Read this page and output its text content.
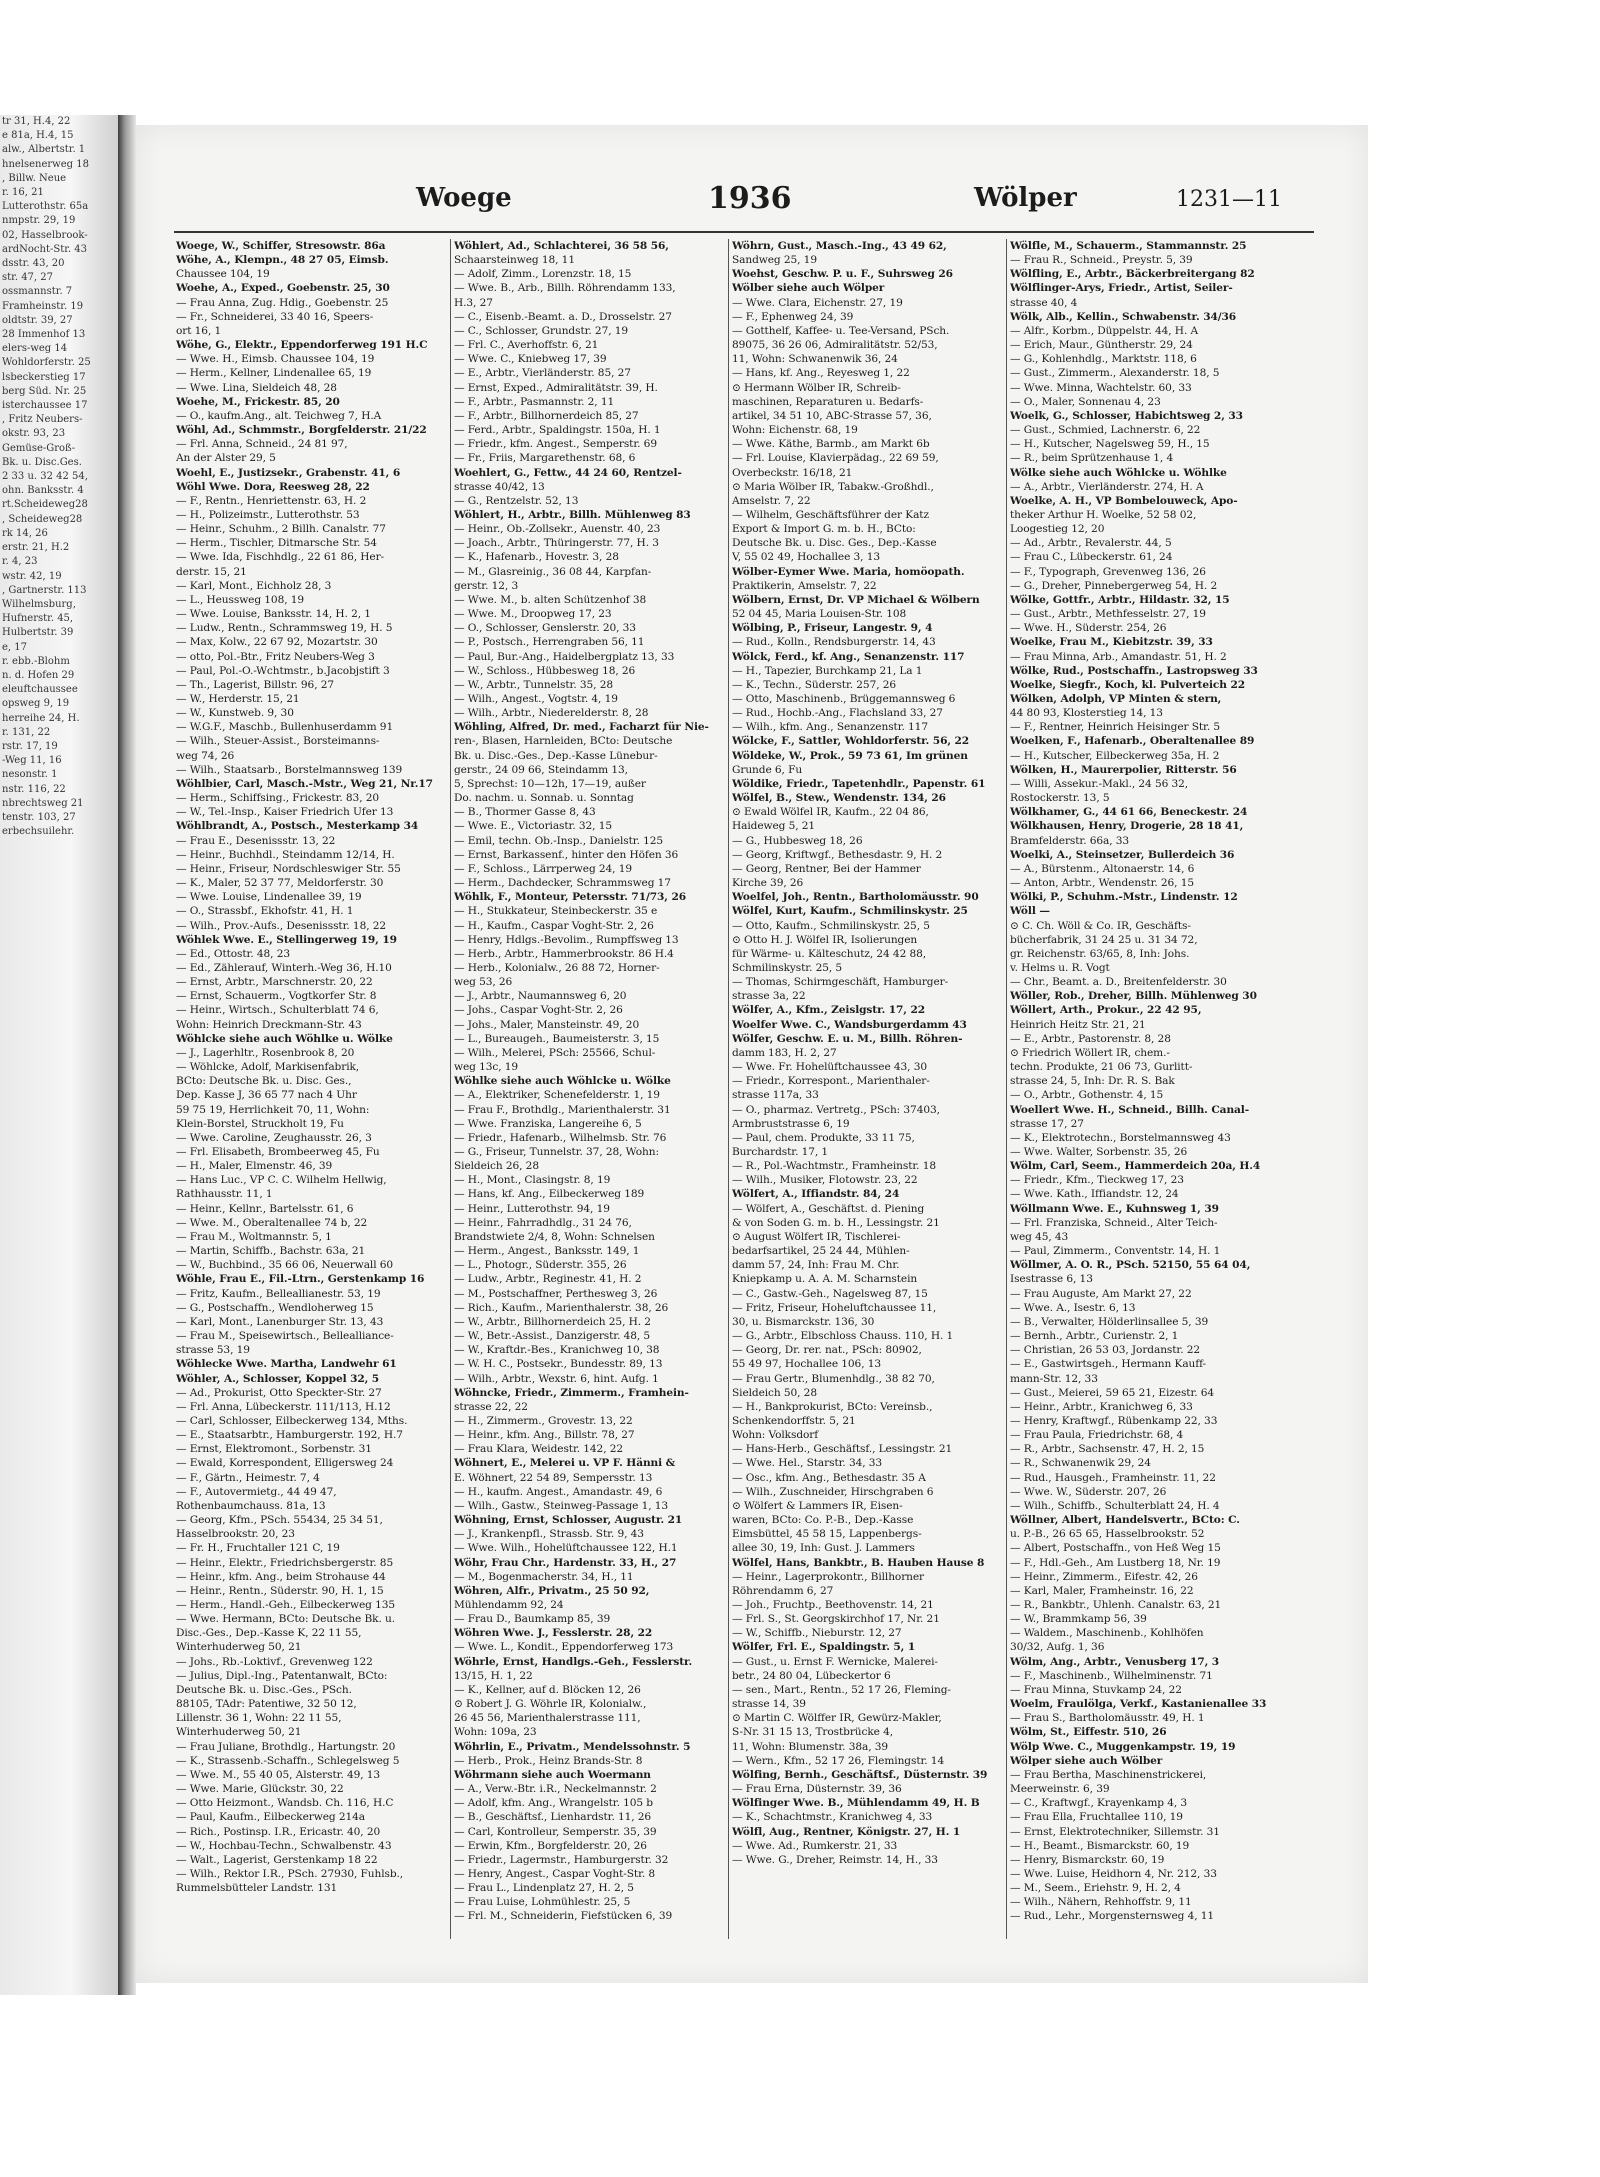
tr 31, H.4, 22
e 81a, H.4, 15
alw., Albertstr. 1
hnelsenerweg 18
, Billw. Neue
r. 16, 21
Lutterothstr. 65a
nmpstr. 29, 19
02, Hasselbrook-
ardNocht-Str. 43
dsstr. 43, 20
str. 47, 27
ossmannstr. 7
Framheinstr. 19
oldtstr. 39, 27
28 Immenhof 13
elers-weg 14
Wohldorferstr. 25
lsbeckerstieg 17
berg Süd. Nr. 25
isterchaussee 17
, Fritz Neubers-
okstr. 93, 23
Gemüse-Groß-
Bk. u. Disc.Ges.
2 33 u. 32 42 54,
ohn. Banksstr. 4
rt.Scheideweg28
, Scheideweg28
rk 14, 26
erstr. 21, H.2
r. 4, 23
wstr. 42, 19
, Gartnerstr. 113
Wilhelmsburg,
Hufnerstr. 45,
Hulbertstr. 39
e, 17
r. ebb.-Blohm
n. d. Hofen 29
eleuftchaussee
opsweg 9, 19
herreihe 24, H.
r. 131, 22
rstr. 17, 19
-Weg 11, 16
nesonstr. 1
nstr. 116, 22
nbrechtsweg 21
tenstr. 103, 27
erbechsuilehr.
Woege	1936	Wölper	1231—11
Woege, W., Schiffer, Stresowstr. 86a
Wöhe, A., Klempn., 48 27 05, Eimsb.
Chaussee 104, 19
Woehe, A., Exped., Goebenstr. 25, 30
— Frau Anna, Zug. Hdig., Goebenstr. 25
— Fr., Schneiderei, 33 40 16, Speers-
ort 16, 1
Wöhe, G., Elektr., Eppendorferweg 191 H.C
— Wwe. H., Eimsb. Chaussee 104, 19
— Herm., Kellner, Lindenallee 65, 19
— Wwe. Lina, Sieldeich 48, 28
Woehe, M., Frickestr. 85, 20
— O., kaufm.Ang., alt. Teichweg 7, H.A
Wöhl, Ad., Schmmstr., Borgfelderstr. 21/22
— Frl. Anna, Schneid., 24 81 97,
An der Alster 29, 5
Woehl, E., Justizsekr., Grabenstr. 41, 6
Wöhl Wwe. Dora, Reesweg 28, 22
— F., Rentn., Henriettenstr. 63, H. 2
— H., Polizeimstr., Lutterothstr. 53
— Heinr., Schuhm., 2 Billh. Canalstr. 77
— Herm., Tischler, Ditmarsche Str. 54
— Wwe. Ida, Fischhdlg., 22 61 86, Her-
derstr. 15, 21
— Karl, Mont., Eichholz 28, 3
— L., Heussweg 108, 19
— Wwe. Louise, Banksstr. 14, H. 2, 1
— Ludw., Rentn., Schrammsweg 19, H. 5
— Max, Kolw., 22 67 92, Mozartstr. 30
— otto, Pol.-Btr., Fritz Neubers-Weg 3
— Paul, Pol.-O.-Wchtmstr., b.Jacobjstift 3
— Th., Lagerist, Billstr. 96, 27
— W., Herderstr. 15, 21
— W., Kunstweb. 9, 30
— W.G.F., Maschb., Bullenhuserdamm 91
— Wilh., Steuer-Assist., Borsteimanns-
weg 74, 26
— Wilh., Staatsarb., Borstelmannsweg 139
Wöhlbier, Carl, Masch.-Mstr., Weg 21, Nr.17
— Herm., Schiffsing., Frickestr. 83, 20
— W., Tel.-Insp., Kaiser Friedrich Ufer 13
Wöhlbrandt, A., Postsch., Mesterkamp 34
— Frau E., Desenissstr. 13, 22
— Heinr., Buchhdl., Steindamm 12/14, H.
— Heinr., Friseur, Nordschleswiger Str. 55
— K., Maler, 52 37 77, Meldorferstr. 30
— Wwe. Louise, Lindenallee 39, 19
— O., Strassbf., Ekhofstr. 41, H. 1
— Wilh., Prov.-Aufs., Desenissstr. 18, 22
Wöhlek Wwe. E., Stellingerweg 19, 19
— Ed., Ottostr. 48, 23
— Ed., Zählerauf, Winterh.-Weg 36, H.10
— Ernst, Arbtr., Marschnerstr. 20, 22
— Ernst, Schauerm., Vogtkorfer Str. 8
— Heinr., Wirtsch., Schulterblatt 74 6,
Wohn: Heinrich Dreckmann-Str. 43
Wöhlcke siehe auch Wöhlke u. Wölke
— J., Lagerhltr., Rosenbrook 8, 20
— Wöhlcke, Adolf, Markisenfabrik,
BCto: Deutsche Bk. u. Disc. Ges.,
Dep. Kasse J, 36 65 77 nach 4 Uhr
59 75 19, Herrlichkeit 70, 11, Wohn:
Klein-Borstel, Struckholt 19, Fu
— Wwe. Caroline, Zeughausstr. 26, 3
— Frl. Elisabeth, Brombeerweg 45, Fu
— H., Maler, Elmenstr. 46, 39
— Hans Luc., VP C. C. Wilhelm Hellwig,
Rathhausstr. 11, 1
— Heinr., Kellnr., Bartelsstr. 61, 6
— Wwe. M., Oberaltenallee 74 b, 22
— Frau M., Woltmannstr. 5, 1
— Martin, Schiffb., Bachstr. 63a, 21
— W., Buchbind., 35 66 06, Neuerwall 60
Wöhle, Frau E., Fil.-Ltrn., Gerstenkamp 16
— Fritz, Kaufm., Belleallianestr. 53, 19
— G., Postschaffn., Wendloherweg 15
— Karl, Mont., Lanenburger Str. 13, 43
— Frau M., Speisewirtsch., Bellealliance-
strasse 53, 19
Wöhlecke Wwe. Martha, Landwehr 61
Wöhler, A., Schlosser, Koppel 32, 5
— Ad., Prokurist, Otto Speckter-Str. 27
— Frl. Anna, Lübeckerstr. 111/113, H.12
— Carl, Schlosser, Eilbeckerweg 134, Mths.
— E., Staatsarbtr., Hamburgerstr. 192, H.7
— Ernst, Elektromont., Sorbenstr. 31
— Ewald, Korrespondent, Elligersweg 24
— F., Gärtn., Heimestr. 7, 4
— F., Autovermietg., 44 49 47,
Rothenbaumchauss. 81a, 13
— Georg, Kfm., PSch. 55434, 25 34 51,
Hasselbrookstr. 20, 23
— Fr. H., Fruchtaller 121 C, 19
— Heinr., Elektr., Friedrichsbergerstr. 85
— Heinr., kfm. Ang., beim Strohause 44
— Heinr., Rentn., Süderstr. 90, H. 1, 15
— Herm., Handl.-Geh., Eilbeckerweg 135
— Wwe. Hermann, BCto: Deutsche Bk. u.
Disc.-Ges., Dep.-Kasse K, 22 11 55,
Winterhuderweg 50, 21
— Johs., Rb.-Loktivf., Grevenweg 122
— Julius, Dipl.-Ing., Patentanwalt, BCto:
Deutsche Bk. u. Disc.-Ges., PSch.
88105, TAdr: Patentiwe, 32 50 12,
Lillenstr. 36 1, Wohn: 22 11 55,
Winterhuderweg 50, 21
— Frau Juliane, Brothdlg., Hartungstr. 20
— K., Strassenb.-Schaffn., Schlegelsweg 5
— Wwe. M., 55 40 05, Alsterstr. 49, 13
— Wwe. Marie, Glückstr. 30, 22
— Otto Heizmont., Wandsb. Ch. 116, H.C
— Paul, Kaufm., Eilbeckerweg 214a
— Rich., Postinsp. I.R., Ericastr. 40, 20
— W., Hochbau-Techn., Schwalbenstr. 43
— Walt., Lagerist, Gerstenkamp 18 22
— Wilh., Rektor I.R., PSch. 27930, Fuhlsb.,
Rummelsbütteler Landstr. 131
Wöhlert, Ad., Schlachterei, 36 58 56,
Schaarsteinweg 18, 11
— Adolf, Zimm., Lorenzstr. 18, 15
— Wwe. B., Arb., Billh. Röhrendamm 133,
H.3, 27
— C., Eisenb.-Beamt. a. D., Drosselstr. 27
— C., Schlosser, Grundstr. 27, 19
— Frl. C., Averhoffstr. 6, 21
— Wwe. C., Kniebweg 17, 39
— E., Arbtr., Vierländerstr. 85, 27
— Ernst, Exped., Admiralitätstr. 39, H.
— F., Arbtr., Pasmannstr. 2, 11
— F., Arbtr., Billhornerdeich 85, 27
— Ferd., Arbtr., Spaldingstr. 150a, H. 1
— Friedr., kfm. Angest., Semperstr. 69
— Fr., Friis, Margarethenstr. 68, 6
Woehlert, G., Fettw., 44 24 60, Rentzel-
strasse 40/42, 13
— G., Rentzelstr. 52, 13
Wöhlert, H., Arbtr., Billh. Mühlenweg 83
— Heinr., Ob.-Zollsekr., Auenstr. 40, 23
— Joach., Arbtr., Thüringerstr. 77, H. 3
— K., Hafenarb., Hovestr. 3, 28
— M., Glasreinig., 36 08 44, Karpfan-
gerstr. 12, 3
— Wwe. M., b. alten Schützenhof 38
— Wwe. M., Droopweg 17, 23
— O., Schlosser, Genslerstr. 20, 33
— P., Postsch., Herrengraben 56, 11
— Paul, Bur.-Ang., Haidelbergplatz 13, 33
— W., Schloss., Hübbesweg 18, 26
— W., Arbtr., Tunnelstr. 35, 28
— Wilh., Angest., Vogtstr. 4, 19
— Wilh., Arbtr., Niederelderstr. 8, 28
Wöhling, Alfred, Dr. med., Facharzt für Nie-
ren-, Blasen, Harnleiden, BCto: Deutsche
Bk. u. Disc.-Ges., Dep.-Kasse Lünebur-
gerstr., 24 09 66, Steindamm 13,
5, Sprechst: 10—12h, 17—19, außer
Do. nachm. u. Sonnab. u. Sonntag
— B., Thormer Gasse 8, 43
— Wwe. E., Victoriastr. 32, 15
— Emil, techn. Ob.-Insp., Danielstr. 125
— Ernst, Barkassenf., hinter den Höfen 36
— F., Schloss., Lärrperweg 24, 19
— Herm., Dachdecker, Schrammsweg 17
Wöhlk, F., Monteur, Petersstr. 71/73, 26
— H., Stukkateur, Steinbeckerstr. 35 e
— H., Kaufm., Caspar Voght-Str. 2, 26
— Henry, Hdlgs.-Bevolim., Rumpffsweg 13
— Herb., Arbtr., Hammerbrookstr. 86 H.4
— Herb., Kolonialw., 26 88 72, Horner-
weg 53, 26
— J., Arbtr., Naumannsweg 6, 20
— Johs., Caspar Voght-Str. 2, 26
— Johs., Maler, Mansteinstr. 49, 20
— L., Bureaugeh., Baumeisterstr. 3, 15
— Wilh., Melerei, PSch: 25566, Schul-
weg 13c, 19
Wöhlke siehe auch Wöhlcke u. Wölke
— A., Elektriker, Schenefelderstr. 1, 19
— Frau F., Brothdlg., Marienthalerstr. 31
— Wwe. Franziska, Langereihe 6, 5
— Friedr., Hafenarb., Wilhelmsb. Str. 76
— G., Friseur, Tunnelstr. 37, 28, Wohn:
Sieldeich 26, 28
— H., Mont., Clasingstr. 8, 19
— Hans, kf. Ang., Eilbeckerweg 189
— Heinr., Lutterothstr. 94, 19
— Heinr., Fahrradhdlg., 31 24 76,
Brandstwiete 2/4, 8, Wohn: Schnelsen
— Herm., Angest., Banksstr. 149, 1
— L., Photogr., Süderstr. 355, 26
— Ludw., Arbtr., Reginestr. 41, H. 2
— M., Postschaffner, Perthesweg 3, 26
— Rich., Kaufm., Marienthalerstr. 38, 26
— W., Arbtr., Billhornerdeich 25, H. 2
— W., Betr.-Assist., Danzigerstr. 48, 5
— W., Kraftdr.-Bes., Kranichweg 10, 38
— W. H. C., Postsekr., Bundesstr. 89, 13
— Wilh., Arbtr., Wexstr. 6, hint. Aufg. 1
Wöhncke, Friedr., Zimmerm., Framhein-
strasse 22, 22
— H., Zimmerm., Grovestr. 13, 22
— Heinr., kfm. Ang., Billstr. 78, 27
— Frau Klara, Weidestr. 142, 22
Wöhnert, E., Melerei u. VP F. Hänni &
E. Wöhnert, 22 54 89, Sempersstr. 13
— H., kaufm. Angest., Amandastr. 49, 6
— Wilh., Gastw., Steinweg-Passage 1, 13
Wöhning, Ernst, Schlosser, Augustr. 21
— J., Krankenpfl., Strassb. Str. 9, 43
— Wwe. Wilh., Hohelüftchaussee 122, H.1
Wöhr, Frau Chr., Hardenstr. 33, H., 27
— M., Bogenmacherstr. 34, H., 11
Wöhren, Alfr., Privatm., 25 50 92,
Mühlendamm 92, 24
— Frau D., Baumkamp 85, 39
Wöhren Wwe. J., Fesslerstr. 28, 22
— Wwe. L., Kondit., Eppendorferweg 173
Wöhrle, Ernst, Handlgs.-Geh., Fesslerstr.
13/15, H. 1, 22
— K., Kellner, auf d. Blöcken 12, 26
⊙ Robert J. G. Wöhrle IR, Kolonialw.,
26 45 56, Marienthalerstrasse 111,
Wohn: 109a, 23
Wöhrlin, E., Privatm., Mendelssohnstr. 5
— Herb., Prok., Heinz Brands-Str. 8
Wöhrmann siehe auch Woermann
— A., Verw.-Btr. i.R., Neckelmannstr. 2
— Adolf, kfm. Ang., Wrangelstr. 105 b
— B., Geschäftsf., Lienhardstr. 11, 26
— Carl, Kontrolleur, Semperstr. 35, 39
— Erwin, Kfm., Borgfelderstr. 20, 26
— Friedr., Lagermstr., Hamburgerstr. 32
— Henry, Angest., Caspar Voght-Str. 8
— Frau L., Lindenplatz 27, H. 2, 5
— Frau Luise, Lohmühlestr. 25, 5
— Frl. M., Schneiderin, Fiefstücken 6, 39
Wöhrn, Gust., Masch.-Ing., 43 49 62,
Sandweg 25, 19
Woehst, Geschw. P. u. F., Suhrsweg 26
Wölber siehe auch Wölper
— Wwe. Clara, Eichenstr. 27, 19
— F., Ephenweg 24, 39
— Gotthelf, Kaffee- u. Tee-Versand, PSch.
89075, 36 26 06, Admiralitätstr. 52/53,
11, Wohn: Schwanenwik 36, 24
— Hans, kf. Ang., Reyesweg 1, 22
⊙ Hermann Wölber IR, Schreib-
maschinen, Reparaturen u. Bedarfs-
artikel, 34 51 10, ABC-Strasse 57, 36,
Wohn: Eichenstr. 68, 19
— Wwe. Käthe, Barmb., am Markt 6b
— Frl. Louise, Klavierpädag., 22 69 59,
Overbeckstr. 16/18, 21
⊙ Maria Wölber IR, Tabakw.-Großhdl.,
Amselstr. 7, 22
— Wilhelm, Geschäftsführer der Katz
Export & Import G. m. b. H., BCto:
Deutsche Bk. u. Disc. Ges., Dep.-Kasse
V, 55 02 49, Hochallee 3, 13
Wölber-Eymer Wwe. Maria, homöopath.
Praktikerin, Amselstr. 7, 22
Wölbern, Ernst, Dr. VP Michael & Wölbern
52 04 45, Maria Louisen-Str. 108
Wölbing, P., Friseur, Langestr. 9, 4
— Rud., Kolln., Rendsburgerstr. 14, 43
Wölck, Ferd., kf. Ang., Senanzenstr. 117
— H., Tapezier, Burchkamp 21, La 1
— K., Techn., Süderstr. 257, 26
— Otto, Maschinenb., Brüggemannsweg 6
— Rud., Hochb.-Ang., Flachsland 33, 27
— Wilh., kfm. Ang., Senanzenstr. 117
Wölcke, F., Sattler, Wohldorferstr. 56, 22
Wöldeke, W., Prok., 59 73 61, Im grünen
Grunde 6, Fu
Wöldike, Friedr., Tapetenhdlr., Papenstr. 61
Wölfel, B., Stew., Wendenstr. 134, 26
⊙ Ewald Wölfel IR, Kaufm., 22 04 86,
Haideweg 5, 21
— G., Hubbesweg 18, 26
— Georg, Kriftwgf., Bethesdastr. 9, H. 2
— Georg, Rentner, Bei der Hammer
Kirche 39, 26
Woelfel, Joh., Rentn., Bartholomäusstr. 90
Wölfel, Kurt, Kaufm., Schmilinskystr. 25
— Otto, Kaufm., Schmilinskystr. 25, 5
⊙ Otto H. J. Wölfel IR, Isolierungen
für Wärme- u. Kälteschutz, 24 42 88,
Schmilinskystr. 25, 5
— Thomas, Schirmgeschäft, Hamburger-
strasse 3a, 22
Wölfer, A., Kfm., Zeislgstr. 17, 22
Woelfer Wwe. C., Wandsburgerdamm 43
Wölfer, Geschw. E. u. M., Billh. Röhren-
damm 183, H. 2, 27
— Wwe. Fr. Hohelüftchaussee 43, 30
— Friedr., Korrespont., Marienthaler-
strasse 117a, 33
— O., pharmaz. Vertretg., PSch: 37403,
Armbruststrasse 6, 19
— Paul, chem. Produkte, 33 11 75,
Burchardstr. 17, 1
— R., Pol.-Wachtmstr., Framheinstr. 18
— Wilh., Musiker, Flotowstr. 23, 22
Wölfert, A., Iffiandstr. 84, 24
— Wölfert, A., Geschäftst. d. Piening
& von Soden G. m. b. H., Lessingstr. 21
⊙ August Wölfert IR, Tischlerei-
bedarfsartikel, 25 24 44, Mühlen-
damm 57, 24, Inh: Frau M. Chr.
Kniepkamp u. A. A. M. Scharnstein
— C., Gastw.-Geh., Nagelsweg 87, 15
— Fritz, Friseur, Hoheluftchaussee 11,
30, u. Bismarckstr. 136, 30
— G., Arbtr., Elbschloss Chauss. 110, H. 1
— Georg, Dr. rer. nat., PSch: 80902,
55 49 97, Hochallee 106, 13
— Frau Gertr., Blumenhdlg., 38 82 70,
Sieldeich 50, 28
— H., Bankprokurist, BCto: Vereinsb.,
Schenkendorffstr. 5, 21
Wohn: Volksdorf
— Hans-Herb., Geschäftsf., Lessingstr. 21
— Wwe. Hel., Starstr. 34, 33
— Osc., kfm. Ang., Bethesdastr. 35 A
— Wilh., Zuschneider, Hirschgraben 6
⊙ Wölfert & Lammers IR, Eisen-
waren, BCto: Co. P.-B., Dep.-Kasse
Eimsbüttel, 45 58 15, Lappenbergs-
allee 30, 19, Inh: Gust. J. Lammers
Wölfel, Hans, Bankbtr., B. Hauben Hause 8
— Heinr., Lagerprokontr., Billhorner
Röhrendamm 6, 27
— Joh., Fruchtp., Beethovenstr. 14, 21
— Frl. S., St. Georgskirchhof 17, Nr. 21
— W., Schiffb., Nieburstr. 12, 27
Wölfer, Frl. E., Spaldingstr. 5, 1
— Gust., u. Ernst F. Wernicke, Malerei-
betr., 24 80 04, Lübeckertor 6
— sen., Mart., Rentn., 52 17 26, Fleming-
strasse 14, 39
⊙ Martin C. Wölffer IR, Gewürz-Makler,
S-Nr. 31 15 13, Trostbrücke 4,
11, Wohn: Blumenstr. 38a, 39
— Wern., Kfm., 52 17 26, Flemingstr. 14
Wölfing, Bernh., Geschäftsf., Düsternstr. 39
— Frau Erna, Düsternstr. 39, 36
Wölfinger Wwe. B., Mühlendamm 49, H. B
— K., Schachtmstr., Kranichweg 4, 33
Wölfl, Aug., Rentner, Königstr. 27, H. 1
— Wwe. Ad., Rumkerstr. 21, 33
— Wwe. G., Dreher, Reimstr. 14, H., 33
Wölfle, M., Schauerm., Stammannstr. 25
— Frau R., Schneid., Preystr. 5, 39
Wölfling, E., Arbtr., Bäckerbreitergang 82
Wölflinger-Arys, Friedr., Artist, Seiler-
strasse 40, 4
Wölk, Alb., Kellin., Schwabenstr. 34/36
— Alfr., Korbm., Düppelstr. 44, H. A
— Erich, Maur., Güntherstr. 29, 24
— G., Kohlenhdlg., Marktstr. 118, 6
— Gust., Zimmerm., Alexanderstr. 18, 5
— Wwe. Minna, Wachtelstr. 60, 33
— O., Maler, Sonnenau 4, 23
Woelk, G., Schlosser, Habichtsweg 2, 33
— Gust., Schmied, Lachnerstr. 6, 22
— H., Kutscher, Nagelsweg 59, H., 15
— R., beim Sprützenhause 1, 4
Wölke siehe auch Wöhlcke u. Wöhlke
— A., Arbtr., Vierländerstr. 274, H. A
Woelke, A. H., VP Bombelouweck, Apo-
theker Arthur H. Woelke, 52 58 02,
Loogestieg 12, 20
— Ad., Arbtr., Revalerstr. 44, 5
— Frau C., Lübeckerstr. 61, 24
— F., Typograph, Grevenweg 136, 26
— G., Dreher, Pinnebergerweg 54, H. 2
Wölke, Gottfr., Arbtr., Hildastr. 32, 15
— Gust., Arbtr., Methfesselstr. 27, 19
— Wwe. H., Süderstr. 254, 26
Woelke, Frau M., Kiebitzstr. 39, 33
— Frau Minna, Arb., Amandastr. 51, H. 2
Wölke, Rud., Postschaffn., Lastropsweg 33
Woelke, Siegfr., Koch, kl. Pulverteich 22
Wölken, Adolph, VP Minten & stern,
44 80 93, Klosterstieg 14, 13
— F., Rentner, Heinrich Heisinger Str. 5
Woelken, F., Hafenarb., Oberaltenallee 89
— H., Kutscher, Eilbeckerweg 35a, H. 2
Wölken, H., Maurerpolier, Ritterstr. 56
— Willi, Assekur.-Makl., 24 56 32,
Rostockerstr. 13, 5
Wölkhamer, G., 44 61 66, Beneckestr. 24
Wölkhausen, Henry, Drogerie, 28 18 41,
Bramfelderstr. 66a, 33
Woelki, A., Steinsetzer, Bullerdeich 36
— A., Bürstenm., Altonaerstr. 14, 6
— Anton, Arbtr., Wendenstr. 26, 15
Wölki, P., Schuhm.-Mstr., Lindenstr. 12
Wöll —
⊙ C. Ch. Wöll & Co. IR, Geschäfts-
bücherfabrik, 31 24 25 u. 31 34 72,
gr. Reichenstr. 63/65, 8, Inh: Johs.
v. Helms u. R. Vogt
— Chr., Beamt. a. D., Breitenfelderstr. 30
Wöller, Rob., Dreher, Billh. Mühlenweg 30
Wöllert, Arth., Prokur., 22 42 95,
Heinrich Heitz Str. 21, 21
— E., Arbtr., Pastorenstr. 8, 28
⊙ Friedrich Wöllert IR, chem.-
techn. Produkte, 21 06 73, Gurlitt-
strasse 24, 5, Inh: Dr. R. S. Bak
— O., Arbtr., Gothenstr. 4, 15
Woellert Wwe. H., Schneid., Billh. Canal-
strasse 17, 27
— K., Elektrotechn., Borstelmannsweg 43
— Wwe. Walter, Sorbenstr. 35, 26
Wölm, Carl, Seem., Hammerdeich 20a, H.4
— Friedr., Kfm., Tieckweg 17, 23
— Wwe. Kath., Iffiandstr. 12, 24
Wöllmann Wwe. E., Kuhnsweg 1, 39
— Frl. Franziska, Schneid., Alter Teich-
weg 45, 43
— Paul, Zimmerm., Conventstr. 14, H. 1
Wöllmer, A. O. R., PSch. 52150, 55 64 04,
Isestrasse 6, 13
— Frau Auguste, Am Markt 27, 22
— Wwe. A., Isestr. 6, 13
— B., Verwalter, Hölderlinsallee 5, 39
— Bernh., Arbtr., Curienstr. 2, 1
— Christian, 26 53 03, Jordanstr. 22
— E., Gastwirtsgeh., Hermann Kauff-
mann-Str. 12, 33
— Gust., Meierei, 59 65 21, Eizestr. 64
— Heinr., Arbtr., Kranichweg 6, 33
— Henry, Kraftwgf., Rübenkamp 22, 33
— Frau Paula, Friedrichstr. 68, 4
— R., Arbtr., Sachsenstr. 47, H. 2, 15
— R., Schwanenwik 29, 24
— Rud., Hausgeh., Framheinstr. 11, 22
— Wwe. W., Süderstr. 207, 26
— Wilh., Schiffb., Schulterblatt 24, H. 4
Wöllner, Albert, Handelsvertr., BCto: C.
u. P.-B., 26 65 65, Hasselbrookstr. 52
— Albert, Postschaffn., von Heß Weg 15
— F., Hdl.-Geh., Am Lustberg 18, Nr. 19
— Heinr., Zimmerm., Eifestr. 42, 26
— Karl, Maler, Framheinstr. 16, 22
— R., Bankbtr., Uhlenh. Canalstr. 63, 21
— W., Brammkamp 56, 39
— Waldem., Maschinenb., Kohlhöfen
30/32, Aufg. 1, 36
Wölm, Ang., Arbtr., Venusberg 17, 3
— F., Maschinenb., Wilhelminenstr. 71
— Frau Minna, Stuvkamp 24, 22
Woelm, Fraulölga, Verkf., Kastanienallee 33
— Frau S., Bartholomäusstr. 49, H. 1
Wölm, St., Eiffestr. 510, 26
Wölp Wwe. C., Muggenkampstr. 19, 19
Wölper siehe auch Wölber
— Frau Bertha, Maschinenstrickerei,
Meerweinstr. 6, 39
— C., Kraftwgf., Krayenkamp 4, 3
— Frau Ella, Fruchtallee 110, 19
— Ernst, Elektrotechniker, Sillemstr. 31
— H., Beamt., Bismarckstr. 60, 19
— Henry, Bismarckstr. 60, 19
— Wwe. Luise, Heidhorn 4, Nr. 212, 33
— M., Seem., Eriehstr. 9, H. 2, 4
— Wilh., Nähern, Rehhoffstr. 9, 11
— Rud., Lehr., Morgensternsweg 4, 11
